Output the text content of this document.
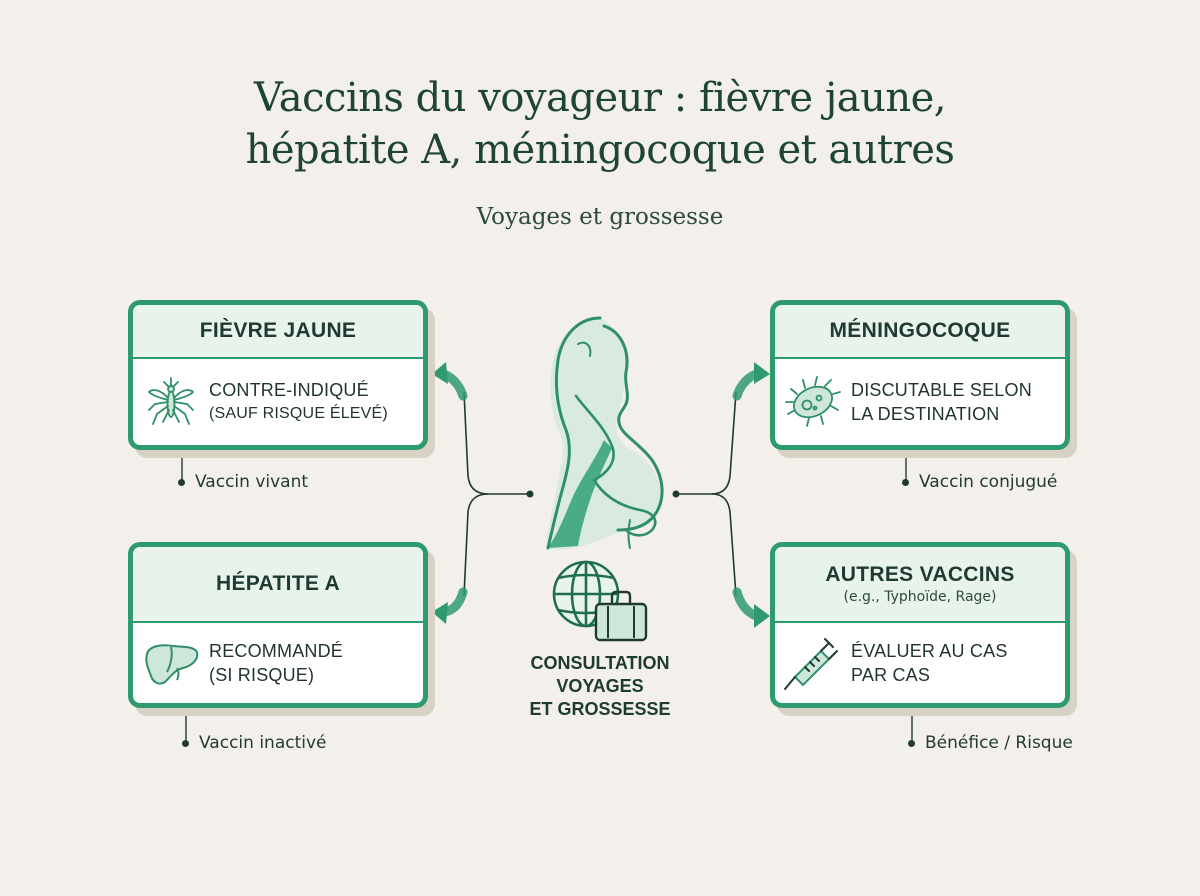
Vaccins du voyageur : fièvre jaune,
hépatite A, méningocoque et autres
Voyages et grossesse
FIÈVRE JAUNE
CONTRE-INDIQUÉ
(SAUF RISQUE ÉLEVÉ)
Vaccin vivant
HÉPATITE A
RECOMMANDÉ
(SI RISQUE)
Vaccin inactivé
MÉNINGOCOQUE
DISCUTABLE SELON
LA DESTINATION
Vaccin conjugué
AUTRES VACCINS
(e.g., Typhoïde, Rage)
ÉVALUER AU CAS
PAR CAS
Bénéfice / Risque
CONSULTATION
VOYAGES
ET GROSSESSE
